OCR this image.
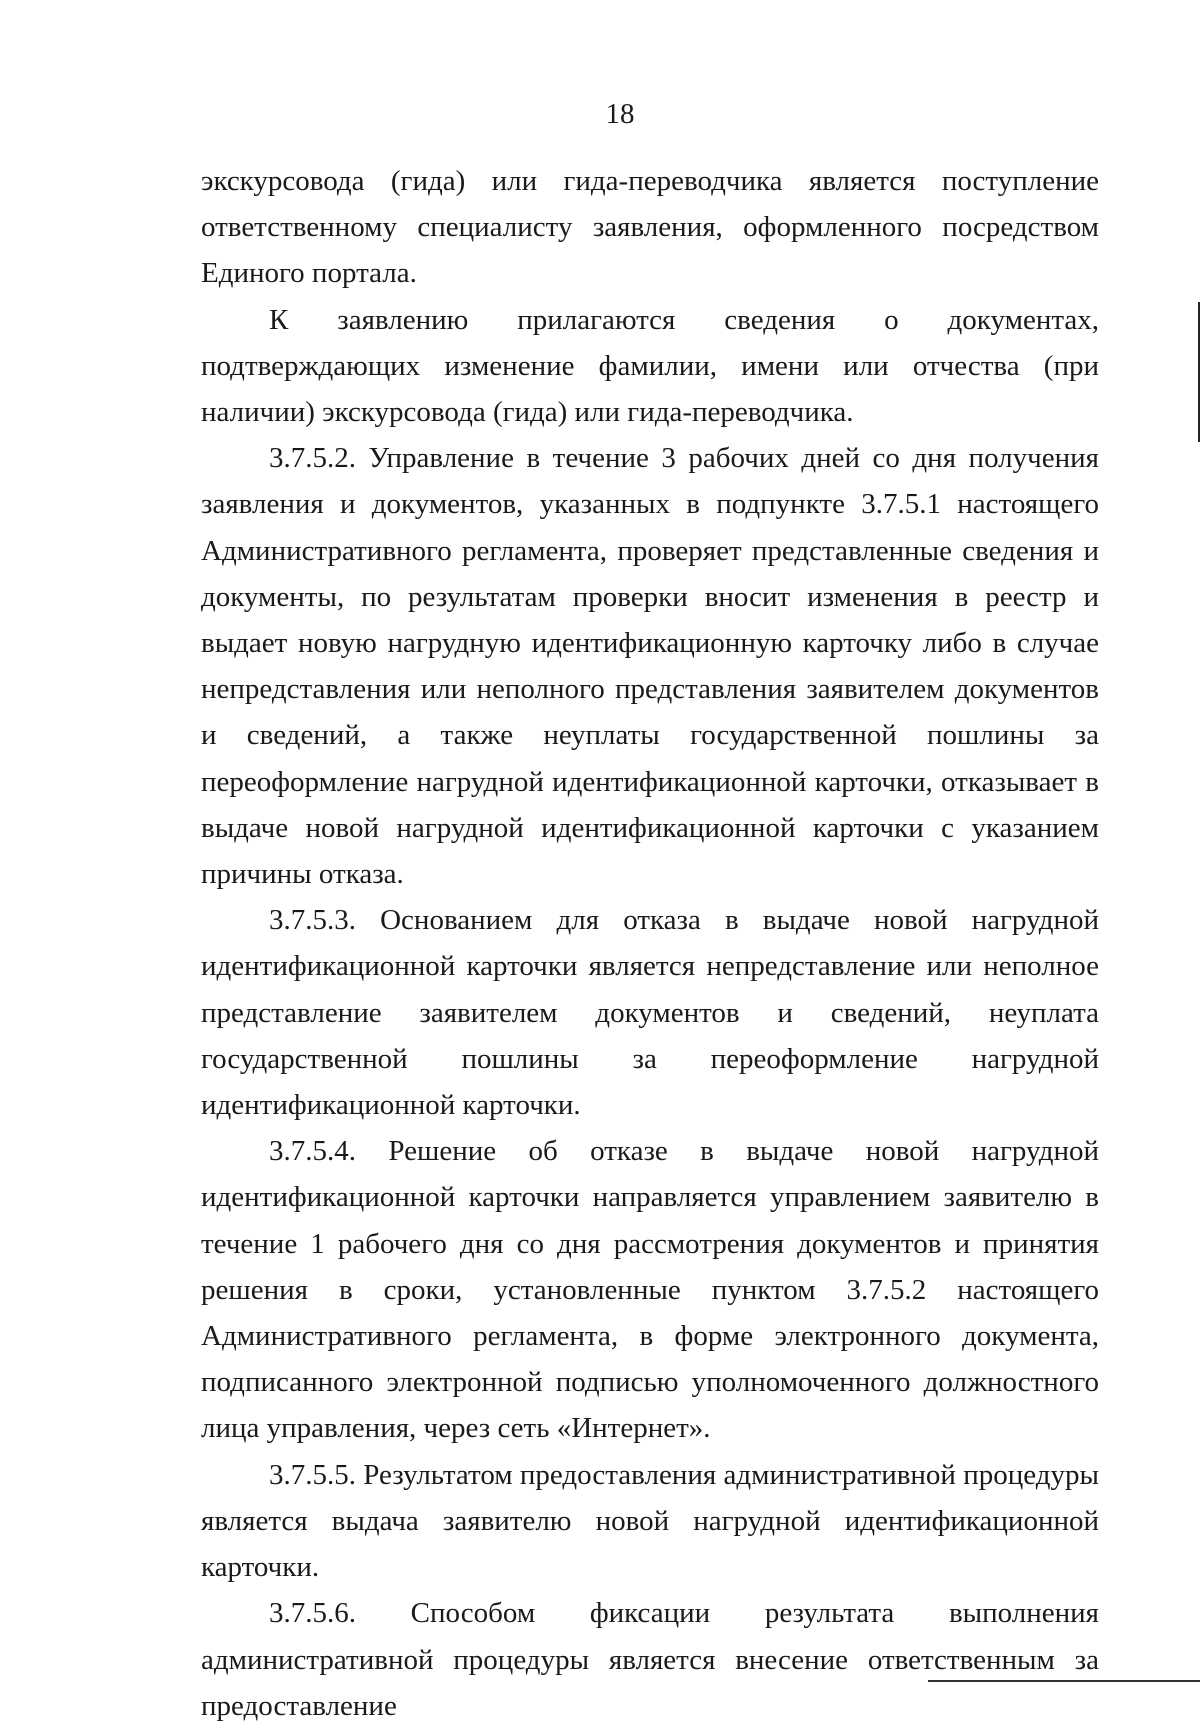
18

экскурсовода (гида) или гида-переводчика является поступление ответственному специалисту заявления, оформленного посредством Единого портала.

К заявлению прилагаются сведения о документах, подтверждающих изменение фамилии, имени или отчества (при наличии) экскурсовода (гида) или гида-переводчика.

3.7.5.2. Управление в течение 3 рабочих дней со дня получения заявления и документов, указанных в подпункте 3.7.5.1 настоящего Административного регламента, проверяет представленные сведения и документы, по результатам проверки вносит изменения в реестр и выдает новую нагрудную идентификационную карточку либо в случае непредставления или неполного представления заявителем документов и сведений, а также неуплаты государственной пошлины за переоформление нагрудной идентификационной карточки, отказывает в выдаче новой нагрудной идентификационной карточки с указанием причины отказа.

3.7.5.3. Основанием для отказа в выдаче новой нагрудной идентификационной карточки является непредставление или неполное представление заявителем документов и сведений, неуплата государственной пошлины за переоформление нагрудной идентификационной карточки.

3.7.5.4. Решение об отказе в выдаче новой нагрудной идентификационной карточки направляется управлением заявителю в течение 1 рабочего дня со дня рассмотрения документов и принятия решения в сроки, установленные пунктом 3.7.5.2 настоящего Административного регламента, в форме электронного документа, подписанного электронной подписью уполномоченного должностного лица управления, через сеть «Интернет».

3.7.5.5. Результатом предоставления административной процедуры является выдача заявителю новой нагрудной идентификационной карточки.

3.7.5.6. Способом фиксации результата выполнения административной процедуры является внесение ответственным за предоставление
